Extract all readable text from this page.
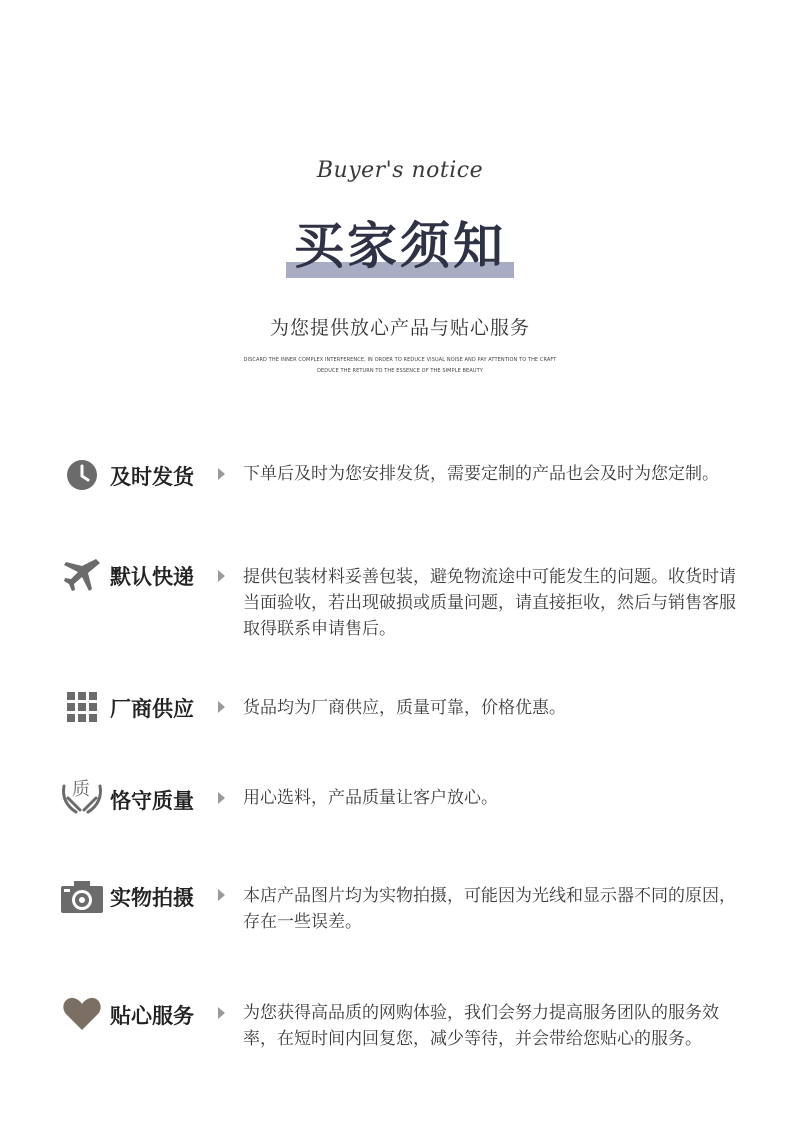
Buyer's notice
买家须知
为您提供放心产品与贴心服务
DISCARD THE INNER COMPLEX INTERFERENCE, IN ORDER TO REDUCE VISUAL NOISE AND PAY ATTENTION TO THE CRAFT
DEDUCE THE RETURN TO THE ESSENCE OF THE SIMPLE BEAUTY
及时发货	下单后及时为您安排发货，需要定制的产品也会及时为您定制。
默认快递	提供包装材料妥善包装，避免物流途中可能发生的问题。收货时请当面验收，若出现破损或质量问题，请直接拒收，然后与销售客服取得联系申请售后。
厂商供应	货品均为厂商供应，质量可靠，价格优惠。
质 恪守质量	用心选料，产品质量让客户放心。
实物拍摄	本店产品图片均为实物拍摄，可能因为光线和显示器不同的原因，存在一些误差。
贴心服务	为您获得高品质的网购体验，我们会努力提高服务团队的服务效率，在短时间内回复您，减少等待，并会带给您贴心的服务。
